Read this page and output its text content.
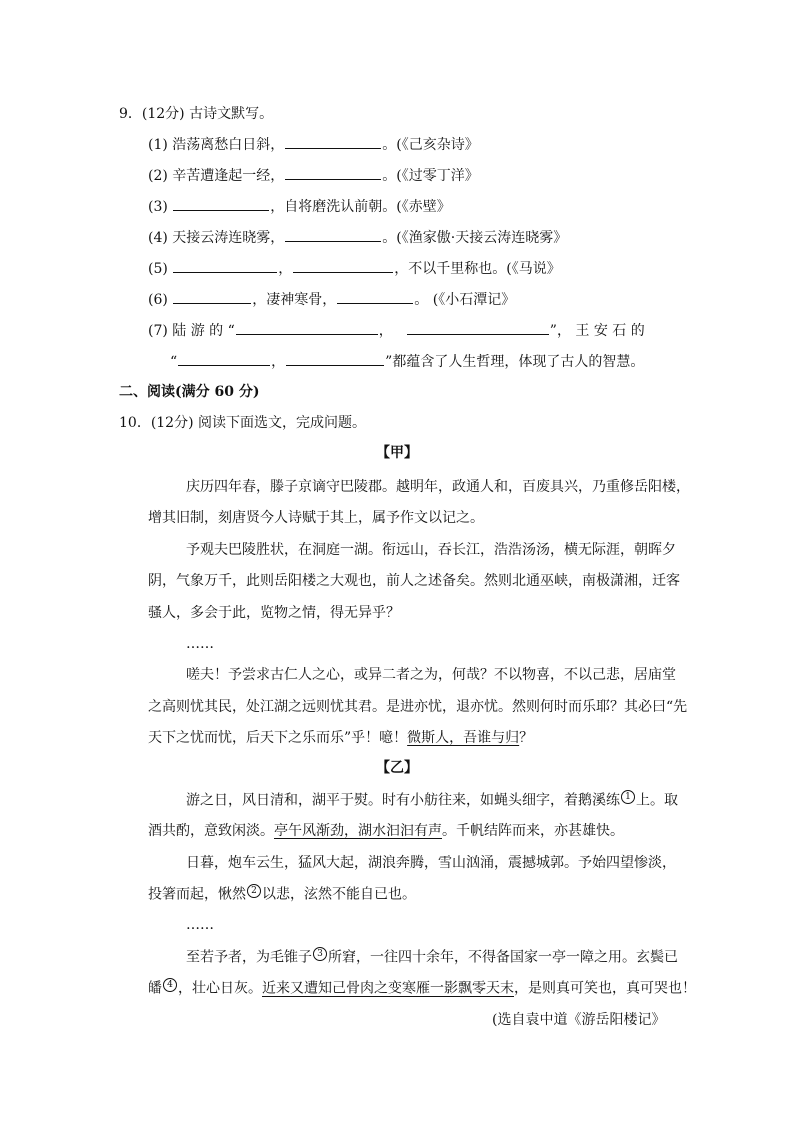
9．(12分) 古诗文默写。
(1) 浩荡离愁白日斜，	。(《己亥杂诗》
(2) 辛苦遭逢起一经，	。(《过零丁洋》
(3)	，自将磨洗认前朝。(《赤壁》
(4) 天接云涛连晓雾，	。(《渔家傲·天接云涛连晓雾》
(5)	，	，不以千里称也。(《马说》
(6)	，凄神寒骨，	。 (《小石潭记》
(7) 陆 游 的 “	，	”， 王 安 石 的
“	，	”都蕴含了人生哲理，体现了古人的智慧。
二、阅读(满分 60 分)
10．(12分) 阅读下面选文，完成问题。
【甲】
庆历四年春，滕子京谪守巴陵郡。越明年，政通人和，百废具兴，乃重修岳阳楼，
增其旧制，刻唐贤今人诗赋于其上，属予作文以记之。
予观夫巴陵胜状，在洞庭一湖。衔远山，吞长江，浩浩汤汤，横无际涯，朝晖夕
阴，气象万千，此则岳阳楼之大观也，前人之述备矣。然则北通巫峡，南极潇湘，迁客
骚人，多会于此，览物之情，得无异乎？
……
嗟夫！予尝求古仁人之心，或异二者之为，何哉？不以物喜，不以己悲，居庙堂
之高则忧其民，处江湖之远则忧其君。是进亦忧，退亦忧。然则何时而乐耶？其必曰“先
天下之忧而忧，后天下之乐而乐”乎！噫！微斯人，吾谁与归？
【乙】
游之日，风日清和，湖平于熨。时有小舫往来，如蝇头细字，着鹅溪练 1 上。取
酒共酌，意致闲淡。亭午风渐劲，湖水汩汩有声。千帆结阵而来，亦甚雄快。
日暮，炮车云生，猛风大起，湖浪奔腾，雪山汹涌，震撼城郭。予始四望惨淡，
投箸而起，愀然 2 以悲，泫然不能自已也。
……
至若予者，为毛锥子 3 所窘，一往四十余年，不得备国家一亭一障之用。玄鬓已
皤 4 ，壮心日灰。近来又遭知己骨肉之变寒雁一影飘零天末，是则真可笑也，真可哭也！
(选自袁中道《游岳阳楼记》
